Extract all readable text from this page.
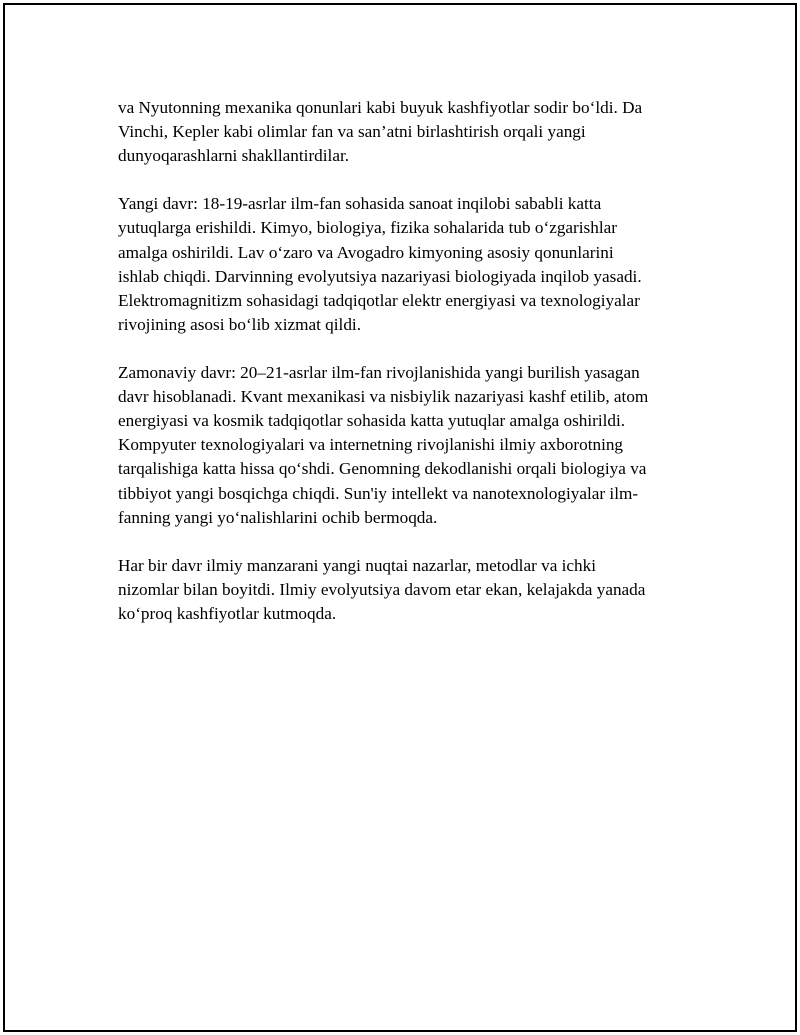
va Nyutonning mexanika qonunlari kabi buyuk kashfiyotlar sodir boʻldi. Da
Vinchi, Kepler kabi olimlar fan va san’atni birlashtirish orqali yangi
dunyoqarashlarni shakllantirdilar.

Yangi davr: 18-19-asrlar ilm-fan sohasida sanoat inqilobi sababli katta
yutuqlarga erishildi. Kimyo, biologiya, fizika sohalarida tub oʻzgarishlar
amalga oshirildi. Lav oʻzaro va Avogadro kimyoning asosiy qonunlarini
ishlab chiqdi. Darvinning evolyutsiya nazariyasi biologiyada inqilob yasadi.
Elektromagnitizm sohasidagi tadqiqotlar elektr energiyasi va texnologiyalar
rivojining asosi boʻlib xizmat qildi.

Zamonaviy davr: 20–21-asrlar ilm-fan rivojlanishida yangi burilish yasagan
davr hisoblanadi. Kvant mexanikasi va nisbiylik nazariyasi kashf etilib, atom
energiyasi va kosmik tadqiqotlar sohasida katta yutuqlar amalga oshirildi.
Kompyuter texnologiyalari va internetning rivojlanishi ilmiy axborotning
tarqalishiga katta hissa qoʻshdi. Genomning dekodlanishi orqali biologiya va
tibbiyot yangi bosqichga chiqdi. Sun'iy intellekt va nanotexnologiyalar ilm-
fanning yangi yoʻnalishlarini ochib bermoqda.

Har bir davr ilmiy manzarani yangi nuqtai nazarlar, metodlar va ichki
nizomlar bilan boyitdi. Ilmiy evolyutsiya davom etar ekan, kelajakda yanada
koʻproq kashfiyotlar kutmoqda.
